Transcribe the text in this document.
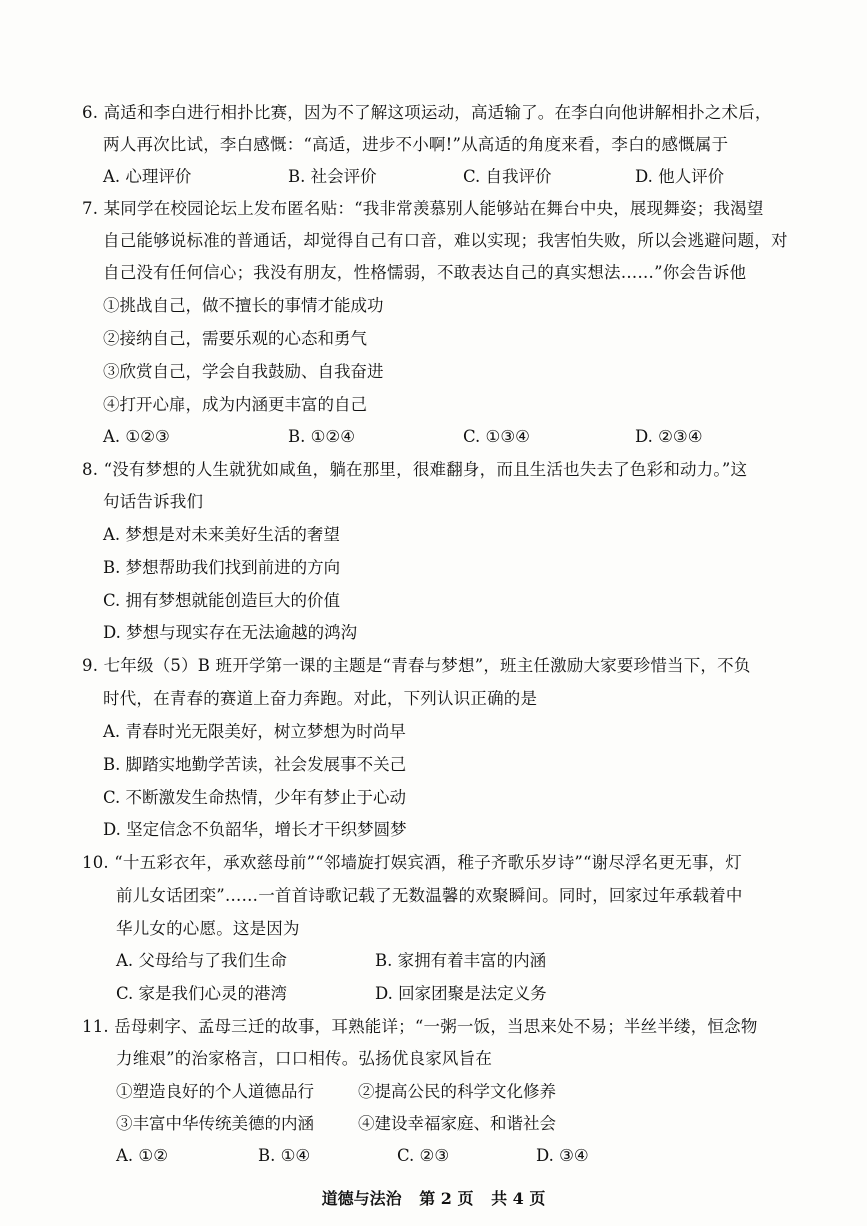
6. 高适和李白进行相扑比赛，因为不了解这项运动，高适输了。在李白向他讲解相扑之术后，
两人再次比试，李白感慨：“高适，进步不小啊!”从高适的角度来看，李白的感慨属于
A. 心理评价	B. 社会评价	C. 自我评价	D. 他人评价
7. 某同学在校园论坛上发布匿名贴：“我非常羡慕别人能够站在舞台中央，展现舞姿；我渴望
自己能够说标准的普通话，却觉得自己有口音，难以实现；我害怕失败，所以会逃避问题，对
自己没有任何信心；我没有朋友，性格懦弱，不敢表达自己的真实想法……”你会告诉他
①挑战自己，做不擅长的事情才能成功
②接纳自己，需要乐观的心态和勇气
③欣赏自己，学会自我鼓励、自我奋进
④打开心扉，成为内涵更丰富的自己
A. ①②③	B. ①②④	C. ①③④	D. ②③④
8. “没有梦想的人生就犹如咸鱼，躺在那里，很难翻身，而且生活也失去了色彩和动力。”这
句话告诉我们
A. 梦想是对未来美好生活的奢望
B. 梦想帮助我们找到前进的方向
C. 拥有梦想就能创造巨大的价值
D. 梦想与现实存在无法逾越的鸿沟
9. 七年级（5）B 班开学第一课的主题是“青春与梦想”，班主任激励大家要珍惜当下，不负
时代，在青春的赛道上奋力奔跑。对此，下列认识正确的是
A. 青春时光无限美好，树立梦想为时尚早
B. 脚踏实地勤学苦读，社会发展事不关己
C. 不断激发生命热情，少年有梦止于心动
D. 坚定信念不负韶华，增长才干织梦圆梦
10. “十五彩衣年，承欢慈母前”“邻墙旋打娱宾酒，稚子齐歌乐岁诗”“谢尽浮名更无事，灯
前儿女话团栾”……一首首诗歌记载了无数温馨的欢聚瞬间。同时，回家过年承载着中
华儿女的心愿。这是因为
A. 父母给与了我们生命	B. 家拥有着丰富的内涵
C. 家是我们心灵的港湾	D. 回家团聚是法定义务
11. 岳母刺字、孟母三迁的故事，耳熟能详；“一粥一饭，当思来处不易；半丝半缕，恒念物
力维艰”的治家格言，口口相传。弘扬优良家风旨在
①塑造良好的个人道德品行	②提高公民的科学文化修养
③丰富中华传统美德的内涵	④建设幸福家庭、和谐社会
A. ①②	B. ①④	C. ②③	D. ③④
道德与法治 第 2 页 共 4 页
